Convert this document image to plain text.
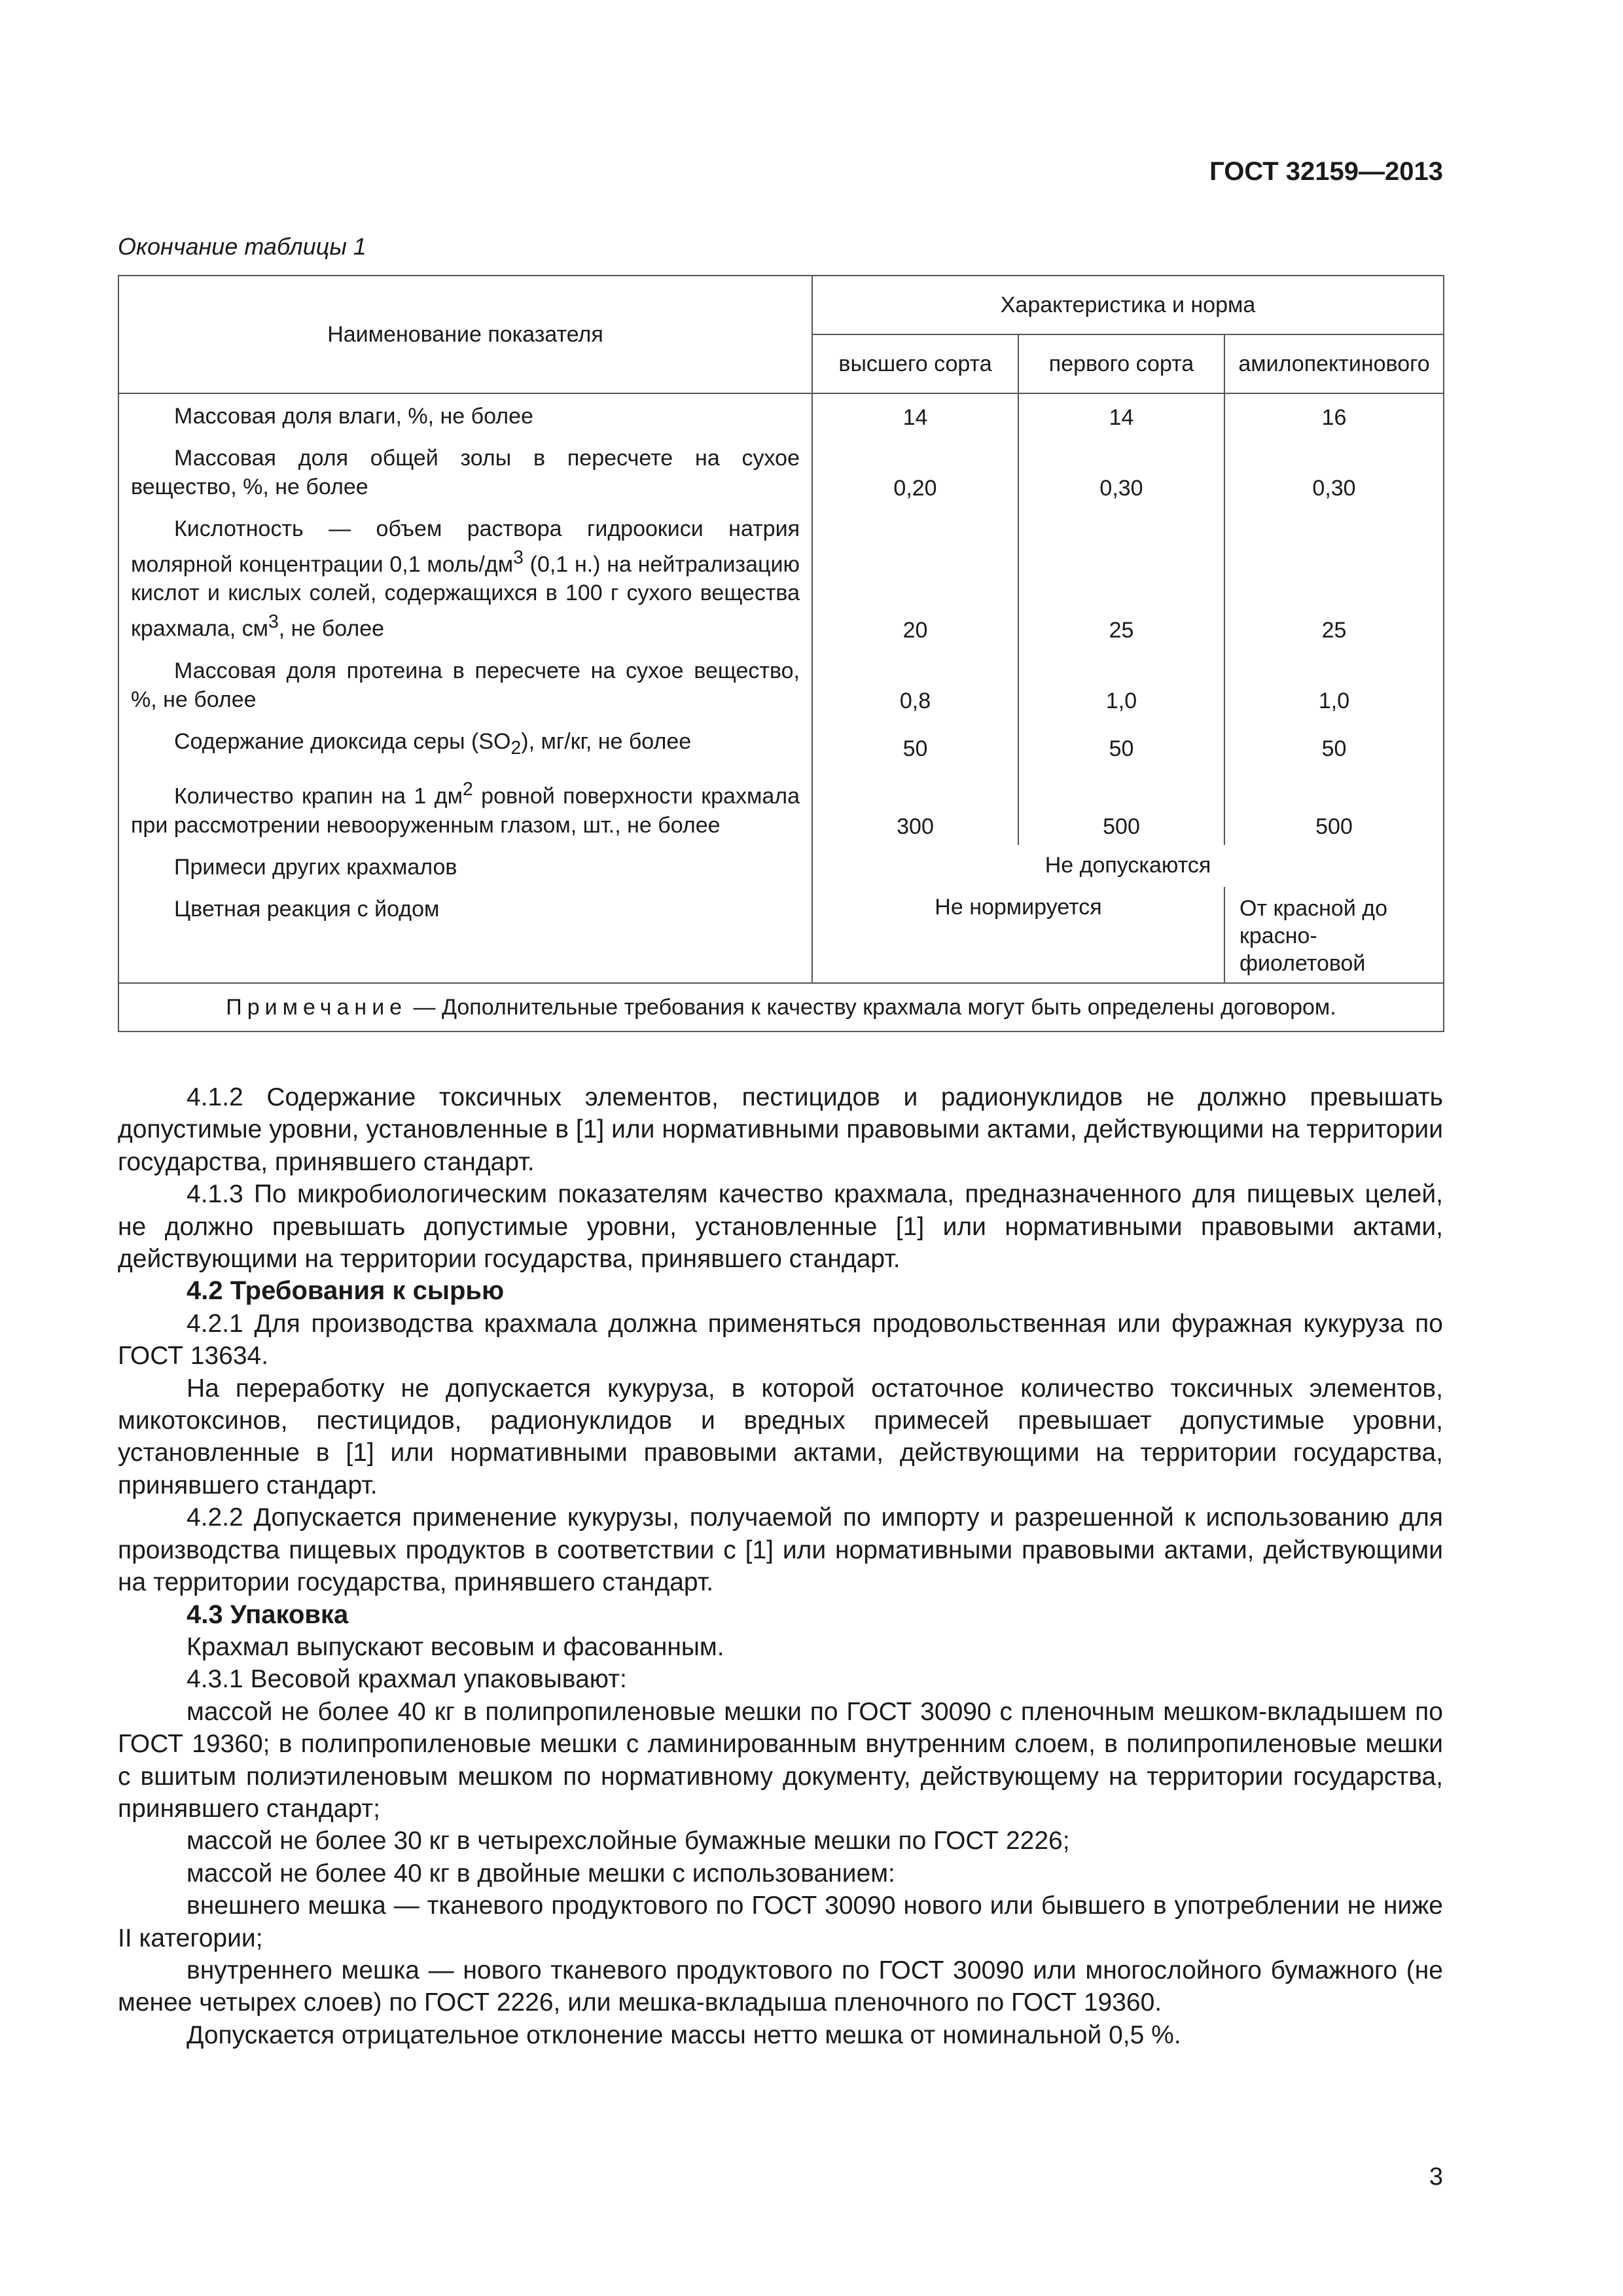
ГОСТ 32159—2013
Окончание таблицы 1
Наименование показателя	Характеристика и норма		
	высшего сорта	первого сорта	амилопектинового
Массовая доля влаги, %, не более	14	14	16
Массовая доля общей золы в пересчете на сухое вещество, %, не более	0,20	0,30	0,30
Кислотность — объем раствора гидроокиси натрия молярной концентрации 0,1 моль/$дм^3$ (0,1 н.) на нейтрализацию кислот и кислых солей, содержащихся в 100 г сухого вещества крахмала, $см^3$, не более	20	25	25
Массовая доля протеина в пересчете на сухое вещество, %, не более	0,8	1,0	1,0
Содержание диоксида серы $(SO_2)$, мг/кг, не более	50	50	50
Количество крапин на 1 $дм^2$ ровной поверхности крахмала при рассмотрении невооруженным глазом, шт., не более	300	500	500
Примеси других крахмалов	Не допускаются		
Цветная реакция с йодом	Не нормируется		От красной до красно-фиолетовой
Примечание — Дополнительные требования к качеству крахмала могут быть определены договором.			

4.1.2 Содержание токсичных элементов, пестицидов и радионуклидов не должно превышать допустимые уровни, установленные в [1] или нормативными правовыми актами, действующими на территории государства, принявшего стандарт.

4.1.3 По микробиологическим показателям качество крахмала, предназначенного для пищевых целей, не должно превышать допустимые уровни, установленные [1] или нормативными правовыми актами, действующими на территории государства, принявшего стандарт.

4.2 Требования к сырью

4.2.1 Для производства крахмала должна применяться продовольственная или фуражная кукуруза по ГОСТ 13634.

На переработку не допускается кукуруза, в которой остаточное количество токсичных элементов, микотоксинов, пестицидов, радионуклидов и вредных примесей превышает допустимые уровни, установленные в [1] или нормативными правовыми актами, действующими на территории государства, принявшего стандарт.

4.2.2 Допускается применение кукурузы, получаемой по импорту и разрешенной к использованию для производства пищевых продуктов в соответствии с [1] или нормативными правовыми актами, действующими на территории государства, принявшего стандарт.

4.3 Упаковка

Крахмал выпускают весовым и фасованным.

4.3.1 Весовой крахмал упаковывают:

массой не более 40 кг в полипропиленовые мешки по ГОСТ 30090 с пленочным мешком-вкладышем по ГОСТ 19360; в полипропиленовые мешки с ламинированным внутренним слоем, в полипропиленовые мешки с вшитым полиэтиленовым мешком по нормативному документу, действующему на территории государства, принявшего стандарт;

массой не более 30 кг в четырехслойные бумажные мешки по ГОСТ 2226;

массой не более 40 кг в двойные мешки с использованием:

внешнего мешка — тканевого продуктового по ГОСТ 30090 нового или бывшего в употреблении не ниже II категории;

внутреннего мешка — нового тканевого продуктового по ГОСТ 30090 или многослойного бумажного (не менее четырех слоев) по ГОСТ 2226, или мешка-вкладыша пленочного по ГОСТ 19360.

Допускается отрицательное отклонение массы нетто мешка от номинальной 0,5 %.

3
